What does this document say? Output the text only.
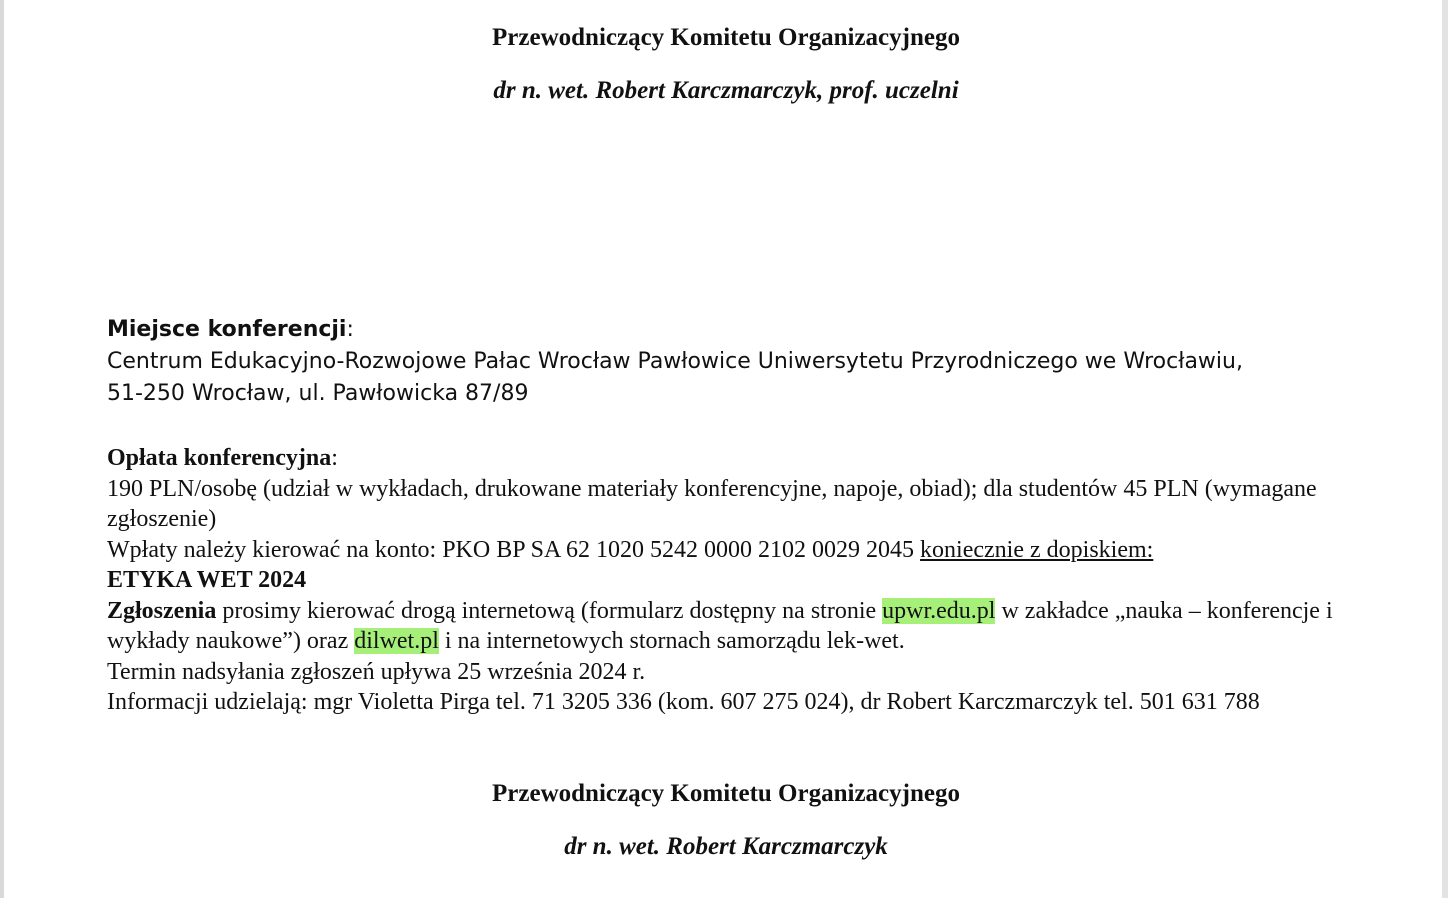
Przewodniczący Komitetu Organizacyjnego
dr n. wet. Robert Karczmarczyk, prof. uczelni
Miejsce konferencji:
Centrum Edukacyjno-Rozwojowe Pałac Wrocław Pawłowice Uniwersytetu Przyrodniczego we Wrocławiu,
51-250 Wrocław, ul. Pawłowicka 87/89
Opłata konferencyjna:
190 PLN/osobę (udział w wykładach, drukowane materiały konferencyjne, napoje, obiad); dla studentów 45 PLN (wymagane zgłoszenie)
Wpłaty należy kierować na konto: PKO BP SA 62 1020 5242 0000 2102 0029 2045 koniecznie z dopiskiem:
ETYKA WET 2024
Zgłoszenia prosimy kierować drogą internetową (formularz dostępny na stronie upwr.edu.pl w zakładce „nauka – konferencje i wykłady naukowe”) oraz dilwet.pl i na internetowych stornach samorządu lek-wet.
Termin nadsyłania zgłoszeń upływa 25 września 2024 r.
Informacji udzielają: mgr Violetta Pirga tel. 71 3205 336 (kom. 607 275 024), dr Robert Karczmarczyk tel. 501 631 788
Przewodniczący Komitetu Organizacyjnego
dr n. wet. Robert Karczmarczyk
